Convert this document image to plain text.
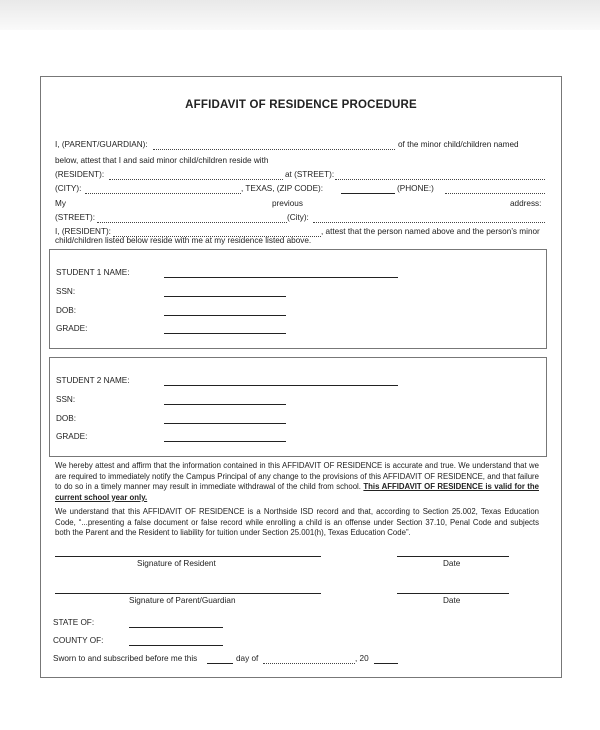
AFFIDAVIT OF RESIDENCE PROCEDURE
I, (PARENT/GUARDIAN):	of the minor child/children named
below, attest that I and said minor child/children reside with
(RESIDENT):	at (STREET):
(CITY):	, TEXAS, (ZIP CODE):	(PHONE:)
My	previous	address:
(STREET):	(City):
I, (RESIDENT):	, attest that the person named above and the person’s minor
child/children listed below reside with me at my residence listed above.
STUDENT 1 NAME:
SSN:
DOB:
GRADE:
STUDENT 2 NAME:
SSN:
DOB:
GRADE:
We hereby attest and affirm that the information contained in this AFFIDAVIT OF RESIDENCE is accurate and true. We understand that we are required to immediately notify the Campus Principal of any change to the provisions of this AFFIDAVIT OF RESIDENCE, and that failure to do so in a timely manner may result in immediate withdrawal of the child from school. This AFFIDAVIT OF RESIDENCE is valid for the current school year only.
We understand that this AFFIDAVIT OF RESIDENCE is a Northside ISD record and that, according to Section 25.002, Texas Education Code, “...presenting a false document or false record while enrolling a child is an offense under Section 37.10, Penal Code and subjects both the Parent and the Resident to liability for tuition under Section 25.001(h), Texas Education Code”.
Signature of Resident	Date
Signature of Parent/Guardian	Date
STATE OF:
COUNTY OF:
Sworn to and subscribed before me this	day of	, 20
